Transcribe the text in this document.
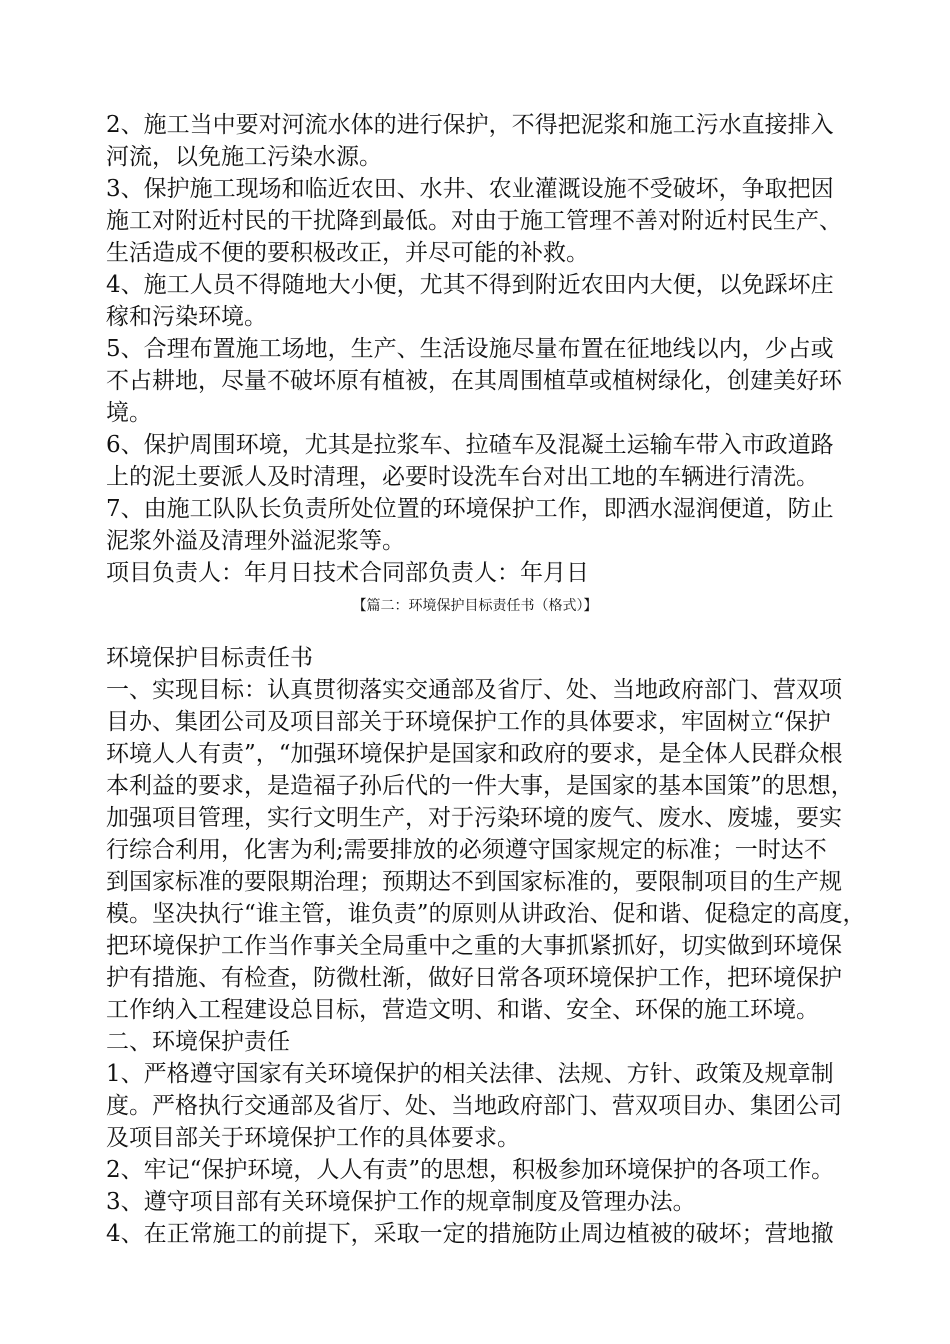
2、施工当中要对河流水体的进行保护，不得把泥浆和施工污水直接排入
河流，以免施工污染水源。
3、保护施工现场和临近农田、水井、农业灌溉设施不受破坏，争取把因
施工对附近村民的干扰降到最低。对由于施工管理不善对附近村民生产、
生活造成不便的要积极改正，并尽可能的补救。
4、施工人员不得随地大小便，尤其不得到附近农田内大便，以免踩坏庄
稼和污染环境。
5、合理布置施工场地，生产、生活设施尽量布置在征地线以内，少占或
不占耕地，尽量不破坏原有植被，在其周围植草或植树绿化，创建美好环
境。
6、保护周围环境，尤其是拉浆车、拉碴车及混凝土运输车带入市政道路
上的泥土要派人及时清理，必要时设洗车台对出工地的车辆进行清洗。
7、由施工队队长负责所处位置的环境保护工作，即洒水湿润便道，防止
泥浆外溢及清理外溢泥浆等。
项目负责人：年月日技术合同部负责人：年月日
【篇二：环境保护目标责任书（格式）】
环境保护目标责任书
一、实现目标：认真贯彻落实交通部及省厅、处、当地政府部门、营双项
目办、集团公司及项目部关于环境保护工作的具体要求，牢固树立“保护
环境人人有责”，“加强环境保护是国家和政府的要求，是全体人民群众根
本利益的要求，是造福子孙后代的一件大事，是国家的基本国策”的思想，
加强项目管理，实行文明生产，对于污染环境的废气、废水、废墟，要实
行综合利用，化害为利;需要排放的必须遵守国家规定的标准；一时达不
到国家标准的要限期治理；预期达不到国家标准的，要限制项目的生产规
模。坚决执行“谁主管，谁负责”的原则从讲政治、促和谐、促稳定的高度，
把环境保护工作当作事关全局重中之重的大事抓紧抓好，切实做到环境保
护有措施、有检查，防微杜渐，做好日常各项环境保护工作，把环境保护
工作纳入工程建设总目标，营造文明、和谐、安全、环保的施工环境。
二、环境保护责任
1、严格遵守国家有关环境保护的相关法律、法规、方针、政策及规章制
度。严格执行交通部及省厅、处、当地政府部门、营双项目办、集团公司
及项目部关于环境保护工作的具体要求。
2、牢记“保护环境，人人有责”的思想，积极参加环境保护的各项工作。
3、遵守项目部有关环境保护工作的规章制度及管理办法。
4、在正常施工的前提下，采取一定的措施防止周边植被的破坏；营地撤
